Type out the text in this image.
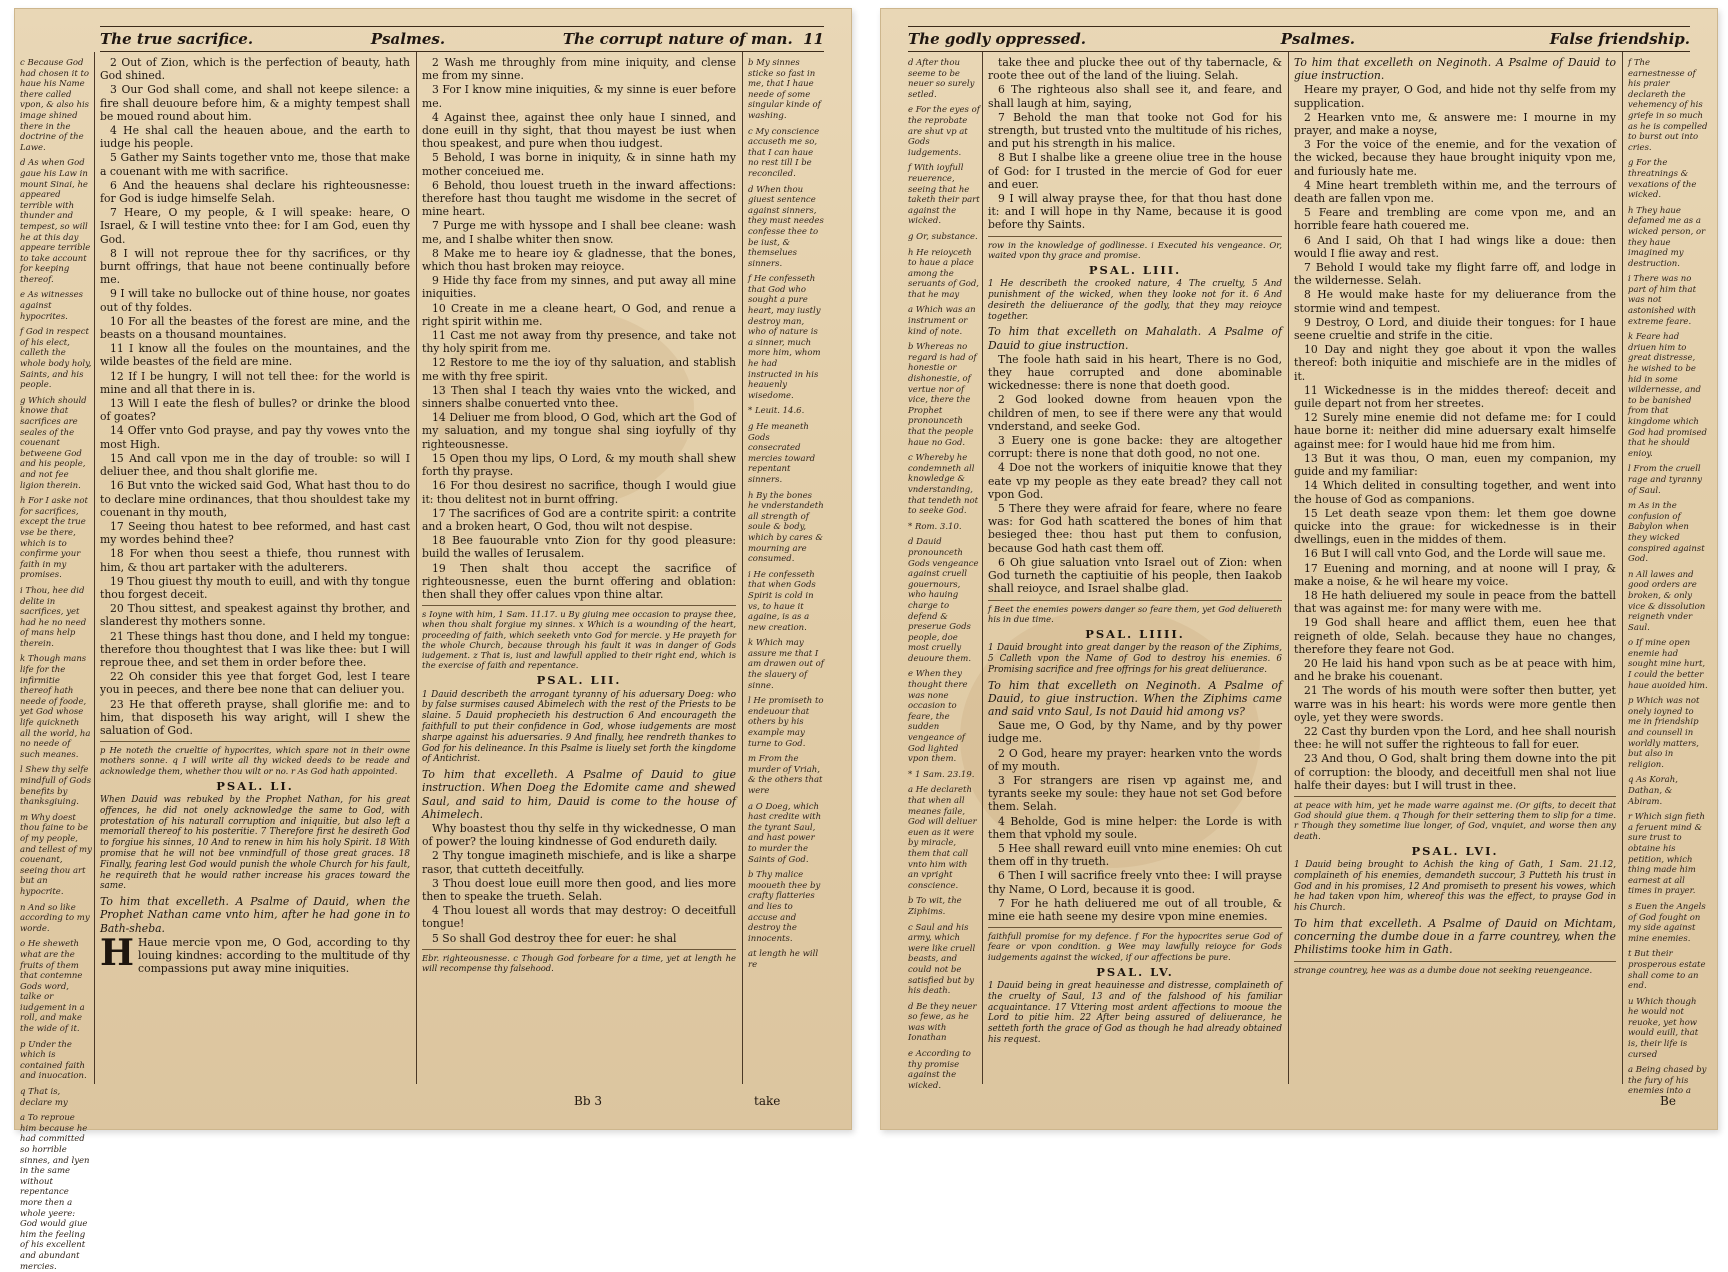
The true sacrifice.	Psalmes.	The corrupt nature of man. 11

c Because God had chosen it to haue his Name there called vpon, & also his image shined there in the doctrine of the Lawe.

d As when God gaue his Law in mount Sinai, he appeared terrible with thunder and tempest, so will he at this day appeare terrible to take account for keeping thereof.

e As witnesses against hypocrites.

f God in respect of his elect, calleth the whole body holy, Saints, and his people.

g Which should knowe that sacrifices are seales of the couenant betweene God and his people, and not fee ligion therein.

h For I aske not for sacrifices, except the true vse be there, which is to confirme your faith in my promises.

i Thou, hee did delite in sacrifices, yet had he no need of mans help therein.

k Though mans life for the infirmitie thereof hath neede of foode, yet God whose life quickneth all the world, ha no neede of such meanes.

l Shew thy selfe mindfull of Gods benefits by thanksgiuing.

m Why doest thou faine to be of my people, and tellest of my couenant, seeing thou art but an hypocrite.

n And so like according to my worde.

o He sheweth what are the fruits of them that contemne Gods word, talke or iudgement in a roll, and make the wide of it.

p Under the which is contained faith and inuocation.

q That is, declare my

a To reproue him because he had committed so horrible sinnes, and lyen in the same without repentance more then a whole yeere: God would giue him the feeling of his excellent and abundant mercies.

2 Out of Zion, which is the perfection of beauty, hath God shined.

3 Our God shall come, and shall not keepe silence: a fire shall deuoure before him, & a mighty tempest shall be moued round about him.

4 He shal call the heauen aboue, and the earth to iudge his people.

5 Gather my Saints together vnto me, those that make a couenant with me with sacrifice.

6 And the heauens shal declare his righteousnesse: for God is iudge himselfe Selah.

7 Heare, O my people, & I will speake: heare, O Israel, & I will testine vnto thee: for I am God, euen thy God.

8 I will not reproue thee for thy sacrifices, or thy burnt offrings, that haue not beene continually before me.

9 I will take no bullocke out of thine house, nor goates out of thy foldes.

10 For all the beastes of the forest are mine, and the beasts on a thousand mountaines.

11 I know all the foules on the mountaines, and the wilde beastes of the field are mine.

12 If I be hungry, I will not tell thee: for the world is mine and all that there in is.

13 Will I eate the flesh of bulles? or drinke the blood of goates?

14 Offer vnto God prayse, and pay thy vowes vnto the most High.

15 And call vpon me in the day of trouble: so will I deliuer thee, and thou shalt glorifie me.

16 But vnto the wicked said God, What hast thou to do to declare mine ordinances, that thou shouldest take my couenant in thy mouth,

17 Seeing thou hatest to bee reformed, and hast cast my wordes behind thee?

18 For when thou seest a thiefe, thou runnest with him, & thou art partaker with the adulterers.

19 Thou giuest thy mouth to euill, and with thy tongue thou forgest deceit.

20 Thou sittest, and speakest against thy brother, and slanderest thy mothers sonne.

21 These things hast thou done, and I held my tongue: therefore thou thoughtest that I was like thee: but I will reproue thee, and set them in order before thee.

22 Oh consider this yee that forget God, lest I teare you in peeces, and there bee none that can deliuer you.

23 He that offereth prayse, shall glorifie me: and to him, that disposeth his way aright, will I shew the saluation of God.

p He noteth the crueltie of hypocrites, which spare not in their owne mothers sonne. q I will write all thy wicked deeds to be reade and acknowledge them, whether thou wilt or no. r As God hath appointed.

PSAL. LI.

When Dauid was rebuked by the Prophet Nathan, for his great offences, he did not onely acknowledge the same to God, with protestation of his naturall corruption and iniquitie, but also left a memoriall thereof to his posteritie. 7 Therefore first he desireth God to forgiue his sinnes, 10 And to renew in him his holy Spirit. 18 With promise that he will not bee vnmindfull of those great graces. 18 Finally, fearing lest God would punish the whole Church for his fault, he requireth that he would rather increase his graces toward the same.

To him that excelleth. A Psalme of Dauid, when the Prophet Nathan came vnto him, after he had gone in to Bath-sheba.

H Haue mercie vpon me, O God, according to thy louing kindnes: according to the multitude of thy compassions put away mine iniquities.

2 Wash me throughly from mine iniquity, and clense me from my sinne.

3 For I know mine iniquities, & my sinne is euer before me.

4 Against thee, against thee only haue I sinned, and done euill in thy sight, that thou mayest be iust when thou speakest, and pure when thou iudgest.

5 Behold, I was borne in iniquity, & in sinne hath my mother conceiued me.

6 Behold, thou louest trueth in the inward affections: therefore hast thou taught me wisdome in the secret of mine heart.

7 Purge me with hyssope and I shall bee cleane: wash me, and I shalbe whiter then snow.

8 Make me to heare ioy & gladnesse, that the bones, which thou hast broken may reioyce.

9 Hide thy face from my sinnes, and put away all mine iniquities.

10 Create in me a cleane heart, O God, and renue a right spirit within me.

11 Cast me not away from thy presence, and take not thy holy spirit from me.

12 Restore to me the ioy of thy saluation, and stablish me with thy free spirit.

13 Then shal I teach thy waies vnto the wicked, and sinners shalbe conuerted vnto thee.

14 Deliuer me from blood, O God, which art the God of my saluation, and my tongue shal sing ioyfully of thy righteousnesse.

15 Open thou my lips, O Lord, & my mouth shall shew forth thy prayse.

16 For thou desirest no sacrifice, though I would giue it: thou delitest not in burnt offring.

17 The sacrifices of God are a contrite spirit: a contrite and a broken heart, O God, thou wilt not despise.

18 Bee fauourable vnto Zion for thy good pleasure: build the walles of Ierusalem.

19 Then shalt thou accept the sacrifice of righteousnesse, euen the burnt offering and oblation: then shall they offer calues vpon thine altar.

s Ioyne with him, 1 Sam. 11.17. u By giuing mee occasion to prayse thee, when thou shalt forgiue my sinnes. x Which is a wounding of the heart, proceeding of faith, which seeketh vnto God for mercie. y He prayeth for the whole Church, because through his fault it was in danger of Gods iudgement. z That is, iust and lawfull applied to their right end, which is the exercise of faith and repentance.

PSAL. LII.

1 Dauid describeth the arrogant tyranny of his aduersary Doeg: who by false surmises caused Abimelech with the rest of the Priests to be slaine. 5 Dauid prophecieth his destruction 6 And encourageth the faithfull to put their confidence in God, whose iudgements are most sharpe against his aduersaries. 9 And finally, hee rendreth thankes to God for his delineance. In this Psalme is liuely set forth the kingdome of Antichrist.

To him that excelleth. A Psalme of Dauid to giue instruction. When Doeg the Edomite came and shewed Saul, and said to him, Dauid is come to the house of Ahimelech.

Why boastest thou thy selfe in thy wickednesse, O man of power? the louing kindnesse of God endureth daily.

2 Thy tongue imagineth mischiefe, and is like a sharpe rasor, that cutteth deceitfully.

3 Thou doest loue euill more then good, and lies more then to speake the trueth. Selah.

4 Thou louest all words that may destroy: O deceitfull tongue!

5 So shall God destroy thee for euer: he shal

Ebr. righteousnesse. c Though God forbeare for a time, yet at length he will recompense thy falsehood.

b My sinnes sticke so fast in me, that I haue neede of some singular kinde of washing.

c My conscience accuseth me so, that I can haue no rest till I be reconciled.

d When thou giuest sentence against sinners, they must needes confesse thee to be iust, & themselues sinners.

f He confesseth that God who sought a pure heart, may iustly destroy man, who of nature is a sinner, much more him, whom he had instructed in his heauenly wisedome.

* Leuit. 14.6.

g He meaneth Gods consecrated mercies toward repentant sinners.

h By the bones he vnderstandeth all strength of soule & body, which by cares & mourning are consumed.

i He confesseth that when Gods Spirit is cold in vs, to haue it againe, is as a new creation.

k Which may assure me that I am drawen out of the slauery of sinne.

l He promiseth to endeuour that others by his example may turne to God.

m From the murder of Vriah, & the others that were

a O Doeg, which hast credite with the tyrant Saul, and hast power to murder the Saints of God.

b Thy malice mooueth thee by crafty flatteries and lies to accuse and destroy the innocents.

at length he will re

Bb 3	take
The godly oppressed.	Psalmes.	False friendship.

d After thou seeme to be neuer so surely setled.

e For the eyes of the reprobate are shut vp at Gods iudgements.

f With ioyfull reuerence, seeing that he taketh their part against the wicked.

g Or, substance.

h He reioyceth to haue a place among the seruants of God, that he may

a Which was an instrument or kind of note.

b Whereas no regard is had of honestie or dishonestie, of vertue nor of vice, there the Prophet pronounceth that the people haue no God.

c Whereby he condemneth all knowledge & vnderstanding, that tendeth not to seeke God.

* Rom. 3.10.

d Dauid pronounceth Gods vengeance against cruell gouernours, who hauing charge to defend & preserue Gods people, doe most cruelly deuoure them.

e When they thought there was none occasion to feare, the sudden vengeance of God lighted vpon them.

* 1 Sam. 23.19.

a He declareth that when all meanes faile, God will deliuer euen as it were by miracle, them that call vnto him with an vpright conscience.

b To wit, the Ziphims.

c Saul and his army, which were like cruell beasts, and could not be satisfied but by his death.

d Be they neuer so fewe, as he was with Ionathan

e According to thy promise against the wicked.

take thee and plucke thee out of thy tabernacle, & roote thee out of the land of the liuing. Selah.

6 The righteous also shall see it, and feare, and shall laugh at him, saying,

7 Behold the man that tooke not God for his strength, but trusted vnto the multitude of his riches, and put his strength in his malice.

8 But I shalbe like a greene oliue tree in the house of God: for I trusted in the mercie of God for euer and euer.

9 I will alway prayse thee, for that thou hast done it: and I will hope in thy Name, because it is good before thy Saints.

row in the knowledge of godlinesse. i Executed his vengeance. Or, waited vpon thy grace and promise.

PSAL. LIII.

1 He describeth the crooked nature, 4 The cruelty, 5 And punishment of the wicked, when they looke not for it. 6 And desireth the deliuerance of the godly, that they may reioyce together.

To him that excelleth on Mahalath. A Psalme of Dauid to giue instruction.

The foole hath said in his heart, There is no God, they haue corrupted and done abominable wickednesse: there is none that doeth good.

2 God looked downe from heauen vpon the children of men, to see if there were any that would vnderstand, and seeke God.

3 Euery one is gone backe: they are altogether corrupt: there is none that doth good, no not one.

4 Doe not the workers of iniquitie knowe that they eate vp my people as they eate bread? they call not vpon God.

5 There they were afraid for feare, where no feare was: for God hath scattered the bones of him that besieged thee: thou hast put them to confusion, because God hath cast them off.

6 Oh giue saluation vnto Israel out of Zion: when God turneth the captiuitie of his people, then Iaakob shall reioyce, and Israel shalbe glad.

f Beet the enemies powers danger so feare them, yet God deliuereth his in due time.

PSAL. LIIII.

1 Dauid brought into great danger by the reason of the Ziphims, 5 Calleth vpon the Name of God to destroy his enemies. 6 Promising sacrifice and free offrings for his great deliuerance.

To him that excelleth on Neginoth. A Psalme of Dauid, to giue instruction. When the Ziphims came and said vnto Saul, Is not Dauid hid among vs?

Saue me, O God, by thy Name, and by thy power iudge me.

2 O God, heare my prayer: hearken vnto the words of my mouth.

3 For strangers are risen vp against me, and tyrants seeke my soule: they haue not set God before them. Selah.

4 Beholde, God is mine helper: the Lorde is with them that vphold my soule.

5 Hee shall reward euill vnto mine enemies: Oh cut them off in thy trueth.

6 Then I will sacrifice freely vnto thee: I will prayse thy Name, O Lord, because it is good.

7 For he hath deliuered me out of all trouble, & mine eie hath seene my desire vpon mine enemies.

faithfull promise for my defence. f For the hypocrites serue God of feare or vpon condition. g Wee may lawfully reioyce for Gods iudgements against the wicked, if our affections be pure.

PSAL. LV.

1 Dauid being in great heauinesse and distresse, complaineth of the cruelty of Saul, 13 and of the falshood of his familiar acquaintance. 17 Vttering most ardent affections to mooue the Lord to pitie him. 22 After being assured of deliuerance, he setteth forth the grace of God as though he had already obtained his request.

To him that excelleth on Neginoth. A Psalme of Dauid to giue instruction.

Heare my prayer, O God, and hide not thy selfe from my supplication.

2 Hearken vnto me, & answere me: I mourne in my prayer, and make a noyse,

3 For the voice of the enemie, and for the vexation of the wicked, because they haue brought iniquity vpon me, and furiously hate me.

4 Mine heart trembleth within me, and the terrours of death are fallen vpon me.

5 Feare and trembling are come vpon me, and an horrible feare hath couered me.

6 And I said, Oh that I had wings like a doue: then would I flie away and rest.

7 Behold I would take my flight farre off, and lodge in the wildernesse. Selah.

8 He would make haste for my deliuerance from the stormie wind and tempest.

9 Destroy, O Lord, and diuide their tongues: for I haue seene crueltie and strife in the citie.

10 Day and night they goe about it vpon the walles thereof: both iniquitie and mischiefe are in the midles of it.

11 Wickednesse is in the middes thereof: deceit and guile depart not from her streetes.

12 Surely mine enemie did not defame me: for I could haue borne it: neither did mine aduersary exalt himselfe against mee: for I would haue hid me from him.

13 But it was thou, O man, euen my companion, my guide and my familiar:

14 Which delited in consulting together, and went into the house of God as companions.

15 Let death seaze vpon them: let them goe downe quicke into the graue: for wickednesse is in their dwellings, euen in the middes of them.

16 But I will call vnto God, and the Lorde will saue me.

17 Euening and morning, and at noone will I pray, & make a noise, & he wil heare my voice.

18 He hath deliuered my soule in peace from the battell that was against me: for many were with me.

19 God shall heare and afflict them, euen hee that reigneth of olde, Selah. because they haue no changes, therefore they feare not God.

20 He laid his hand vpon such as be at peace with him, and he brake his couenant.

21 The words of his mouth were softer then butter, yet warre was in his heart: his words were more gentle then oyle, yet they were swords.

22 Cast thy burden vpon the Lord, and hee shall nourish thee: he will not suffer the righteous to fall for euer.

23 And thou, O God, shalt bring them downe into the pit of corruption: the bloody, and deceitfull men shal not liue halfe their dayes: but I will trust in thee.

at peace with him, yet he made warre against me. (Or gifts, to deceit that God should giue them. q Though for their settering them to slip for a time. r Though they sometime liue longer, of God, vnquiet, and worse then any death.

PSAL. LVI.

1 Dauid being brought to Achish the king of Gath, 1 Sam. 21.12, complaineth of his enemies, demandeth succour, 3 Putteth his trust in God and in his promises, 12 And promiseth to present his vowes, which he had taken vpon him, whereof this was the effect, to prayse God in his Church.

To him that excelleth. A Psalme of Dauid on Michtam, concerning the dumbe doue in a farre countrey, when the Philistims tooke him in Gath.

strange countrey, hee was as a dumbe doue not seeking reuengeance.

f The earnestnesse of his praier declareth the vehemency of his griefe in so much as he is compelled to burst out into cries.

g For the threatnings & vexations of the wicked.

h They haue defamed me as a wicked person, or they haue imagined my destruction.

i There was no part of him that was not astonished with extreme feare.

k Feare had driuen him to great distresse, he wished to be hid in some wildernesse, and to be banished from that kingdome which God had promised that he should enioy.

l From the cruell rage and tyranny of Saul.

m As in the confusion of Babylon when they wicked conspired against God.

n All lawes and good orders are broken, & only vice & dissolution reigneth vnder Saul.

o If mine open enemie had sought mine hurt, I could the better haue auoided him.

p Which was not onely ioyned to me in friendship and counsell in worldly matters, but also in religion.

q As Korah, Dathan, & Abiram.

r Which sign fieth a feruent mind & sure trust to obtaine his petition, which thing made him earnest at all times in prayer.

s Euen the Angels of God fought on my side against mine enemies.

t But their prosperous estate shall come to an end.

u Which though he would not reuoke, yet how would euill, that is, their life is cursed

a Being chased by the fury of his enemies into a

Be
